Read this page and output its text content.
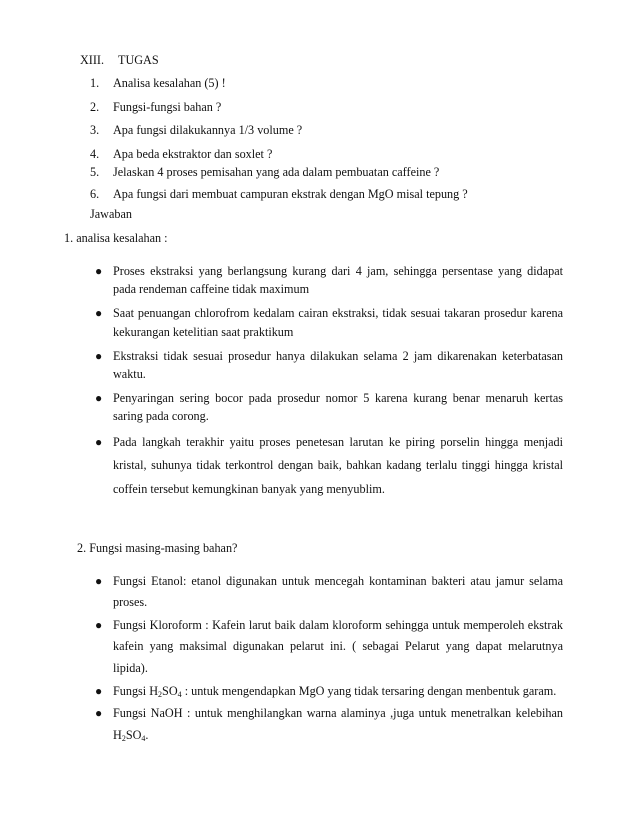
XIII. TUGAS
1. Analisa kesalahan (5) !
2. Fungsi-fungsi bahan ?
3. Apa fungsi dilakukannya 1/3 volume ?
4. Apa beda ekstraktor dan soxlet ?
5. Jelaskan 4 proses pemisahan yang ada dalam pembuatan caffeine ?
6. Apa fungsi dari membuat campuran ekstrak dengan MgO misal tepung ?
Jawaban
1. analisa kesalahan :
● Proses ekstraksi yang berlangsung kurang dari 4 jam, sehingga persentase yang didapat
pada rendeman caffeine tidak maximum
● Saat penuangan chlorofrom kedalam cairan ekstraksi, tidak sesuai takaran prosedur karena
kekurangan ketelitian saat praktikum
● Ekstraksi tidak sesuai prosedur hanya dilakukan selama 2 jam dikarenakan keterbatasan
waktu.
● Penyaringan sering bocor pada prosedur nomor 5 karena kurang benar menaruh kertas
saring pada corong.
● Pada langkah terakhir yaitu proses penetesan larutan ke piring porselin hingga menjadi
kristal, suhunya tidak terkontrol dengan baik, bahkan kadang terlalu tinggi hingga kristal
coffein tersebut kemungkinan banyak yang menyublim.
2. Fungsi masing-masing bahan?
● Fungsi Etanol: etanol digunakan untuk mencegah kontaminan bakteri atau jamur selama
proses.
● Fungsi Kloroform : Kafein larut baik dalam kloroform sehingga untuk memperoleh ekstrak
kafein yang maksimal digunakan pelarut ini. ( sebagai Pelarut yang dapat melarutnya
lipida).
● Fungsi $H_2SO_4$ : untuk mengendapkan MgO yang tidak tersaring dengan menbentuk garam.
● Fungsi NaOH : untuk menghilangkan warna alaminya ,juga untuk menetralkan kelebihan
$H_2SO_4$.
